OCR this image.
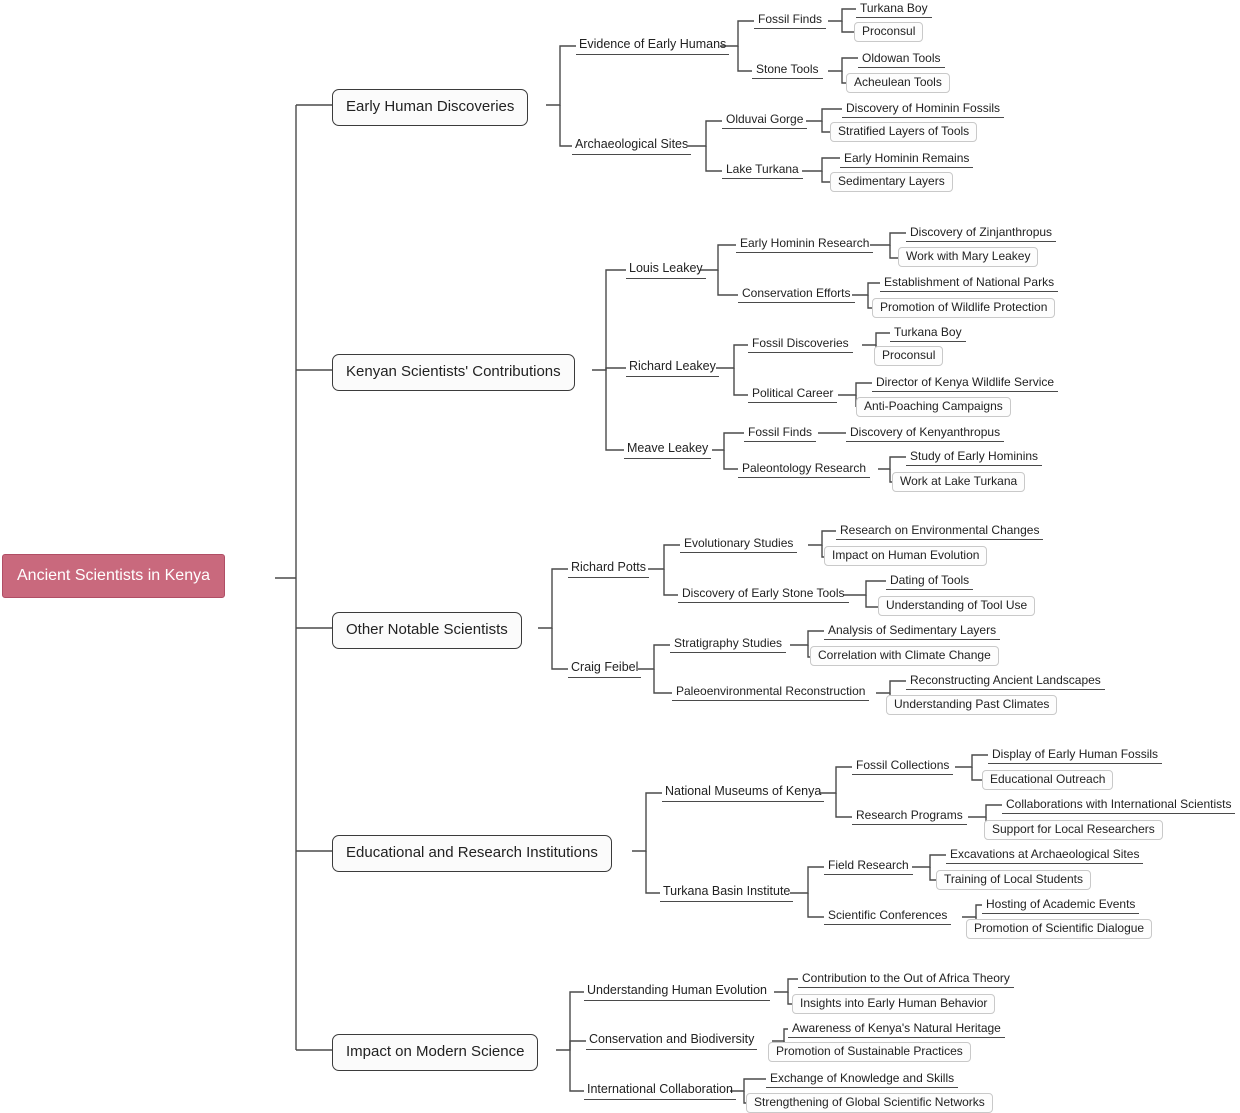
Ancient Scientists in Kenya
Early Human Discoveries
Evidence of Early Humans
Archaeological Sites
Fossil Finds
Stone Tools
Turkana Boy
Proconsul
Oldowan Tools
Acheulean Tools
Olduvai Gorge
Lake Turkana
Discovery of Hominin Fossils
Stratified Layers of Tools
Early Hominin Remains
Sedimentary Layers
Kenyan Scientists' Contributions
Louis Leakey
Richard Leakey
Meave Leakey
Early Hominin Research
Conservation Efforts
Discovery of Zinjanthropus
Work with Mary Leakey
Establishment of National Parks
Promotion of Wildlife Protection
Fossil Discoveries
Political Career
Turkana Boy
Proconsul
Director of Kenya Wildlife Service
Anti-Poaching Campaigns
Fossil Finds
Paleontology Research
Discovery of Kenyanthropus
Study of Early Hominins
Work at Lake Turkana
Other Notable Scientists
Richard Potts
Craig Feibel
Evolutionary Studies
Discovery of Early Stone Tools
Research on Environmental Changes
Impact on Human Evolution
Dating of Tools
Understanding of Tool Use
Stratigraphy Studies
Paleoenvironmental Reconstruction
Analysis of Sedimentary Layers
Correlation with Climate Change
Reconstructing Ancient Landscapes
Understanding Past Climates
Educational and Research Institutions
National Museums of Kenya
Turkana Basin Institute
Fossil Collections
Research Programs
Display of Early Human Fossils
Educational Outreach
Collaborations with International Scientists
Support for Local Researchers
Field Research
Scientific Conferences
Excavations at Archaeological Sites
Training of Local Students
Hosting of Academic Events
Promotion of Scientific Dialogue
Impact on Modern Science
Understanding Human Evolution
Conservation and Biodiversity
International Collaboration
Contribution to the Out of Africa Theory
Insights into Early Human Behavior
Awareness of Kenya's Natural Heritage
Promotion of Sustainable Practices
Exchange of Knowledge and Skills
Strengthening of Global Scientific Networks
